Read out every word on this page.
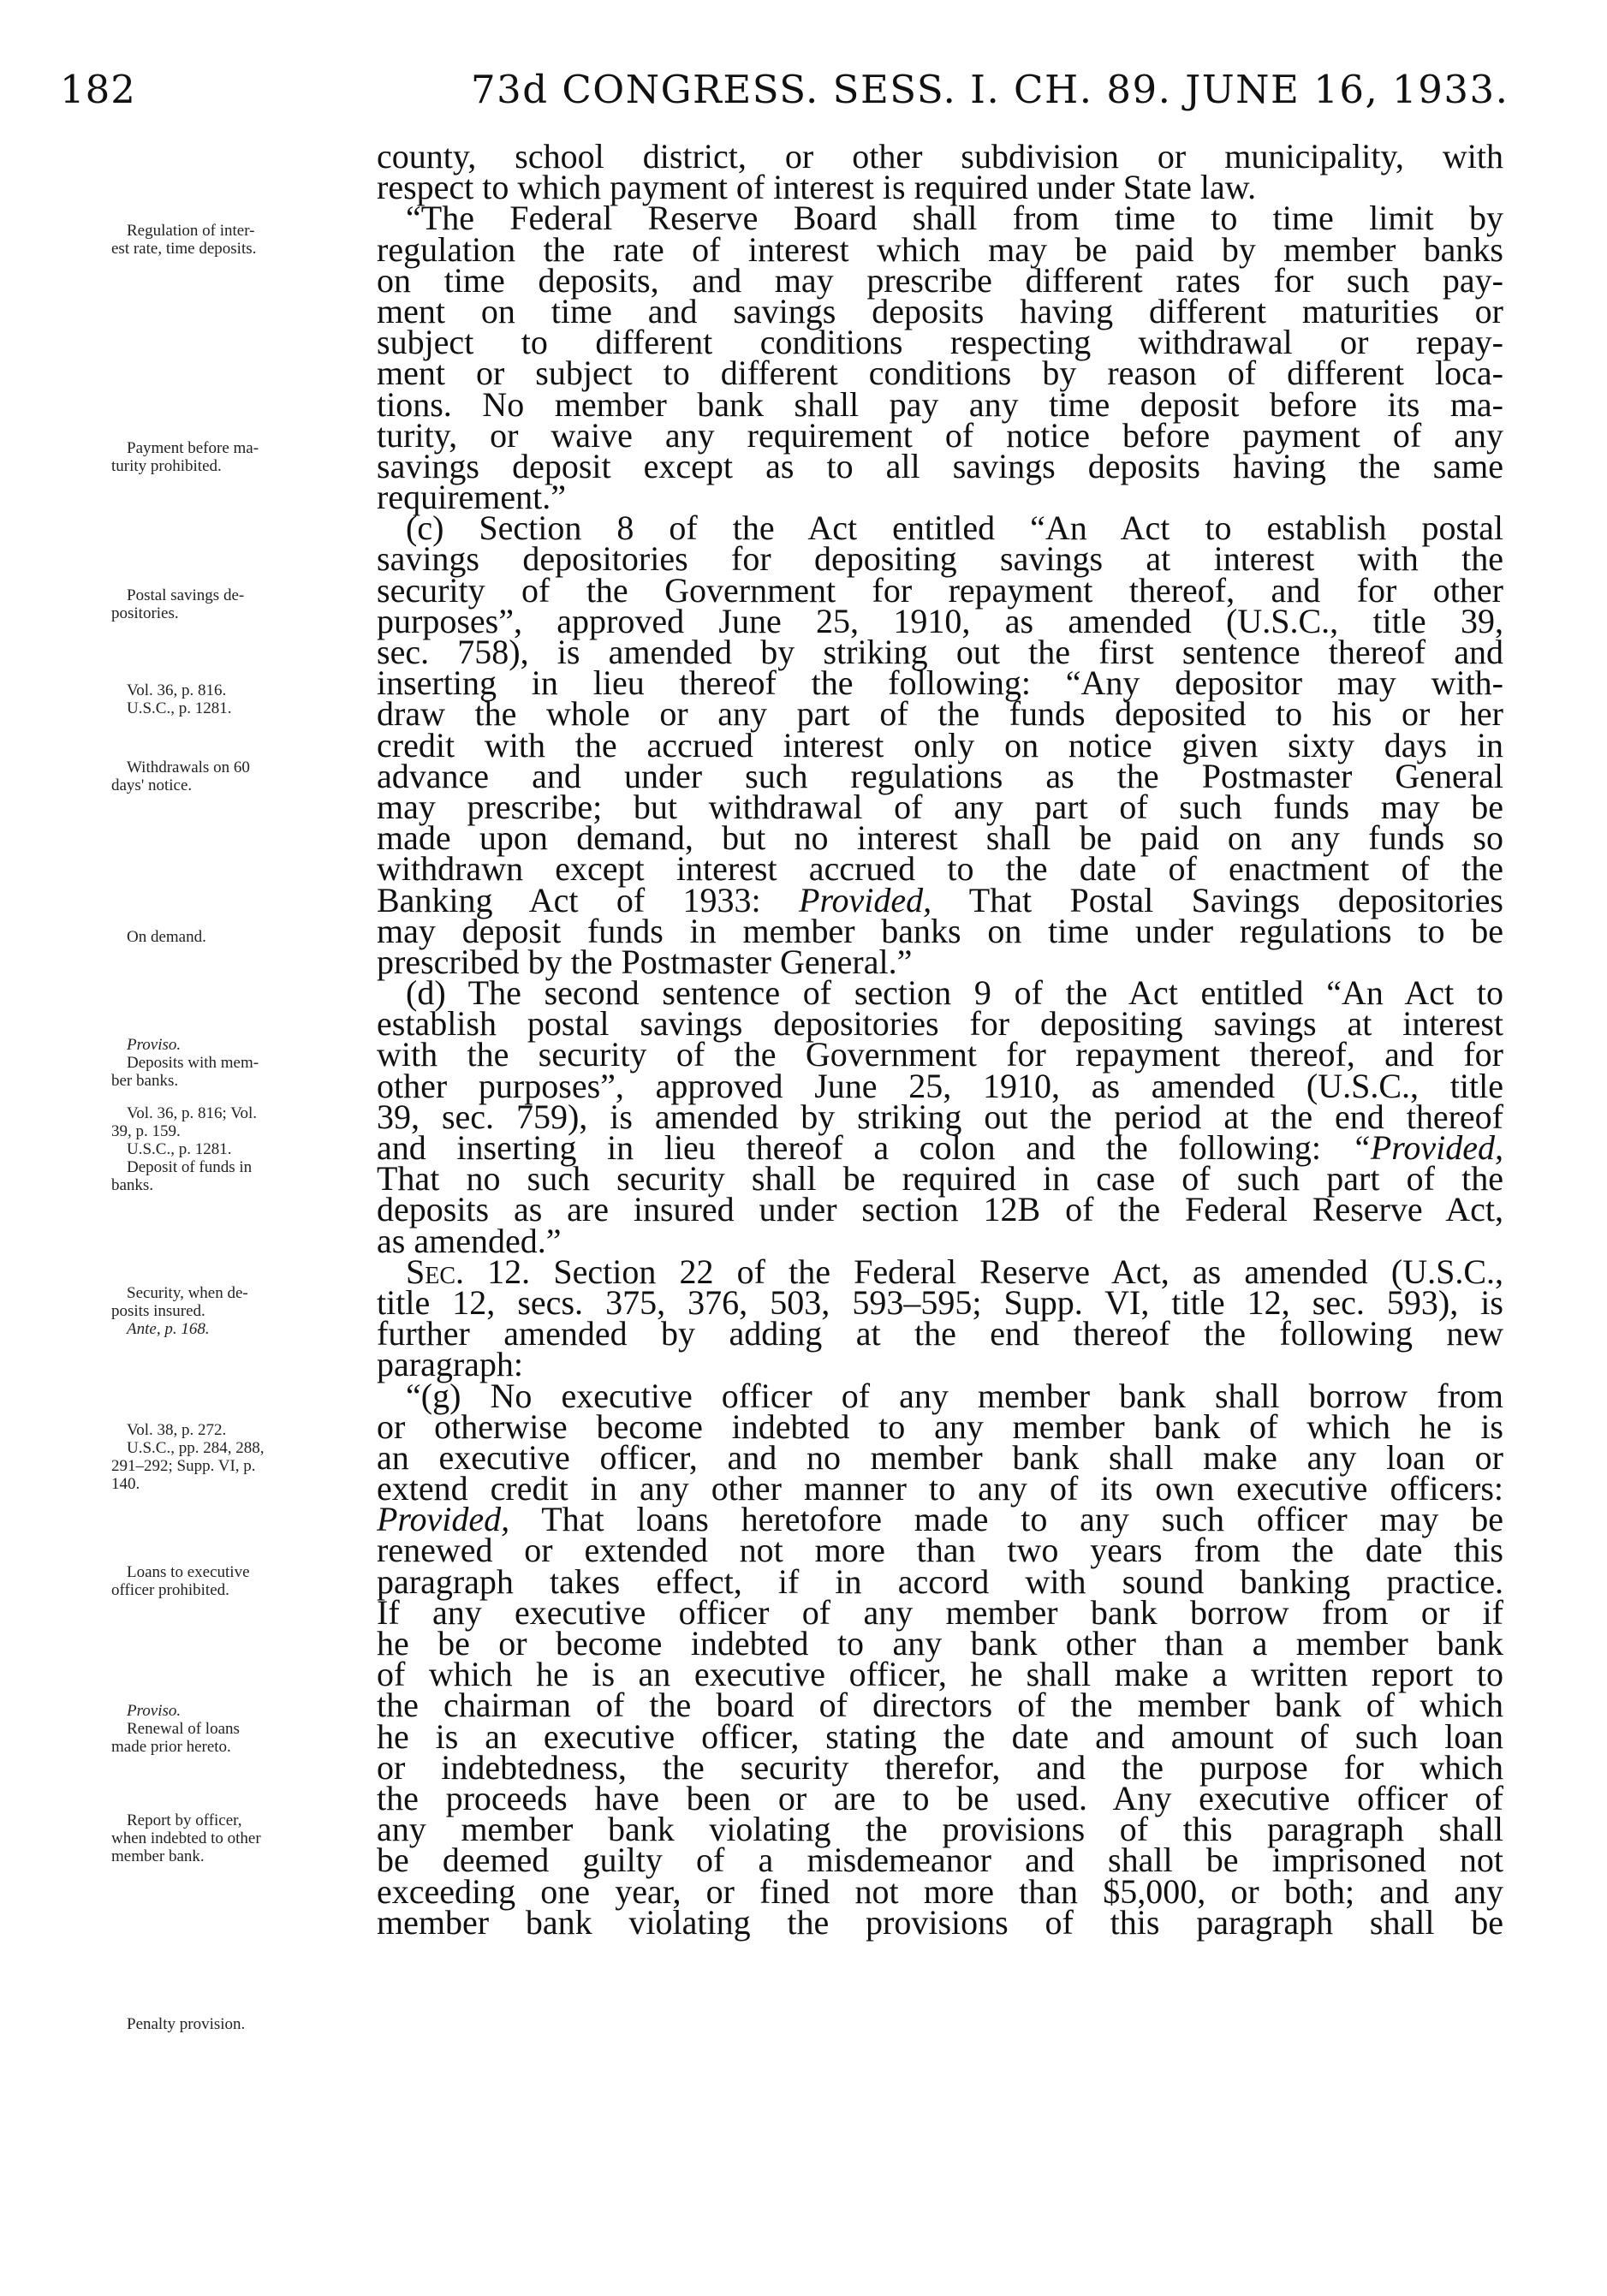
182	73d CONGRESS. SESS. I. CH. 89. JUNE 16, 1933.
Regulation of inter-
est rate, time deposits.
Payment before ma-
turity prohibited.
Postal savings de-
positories.
Vol. 36, p. 816.
U.S.C., p. 1281.
Withdrawals on 60
days' notice.
On demand.
Proviso.
Deposits with mem-
ber banks.
Vol. 36, p. 816; Vol.
39, p. 159.
U.S.C., p. 1281.
Deposit of funds in
banks.
Security, when de-
posits insured.
Ante, p. 168.
Vol. 38, p. 272.
U.S.C., pp. 284, 288,
291–292; Supp. VI, p.
140.
Loans to executive
officer prohibited.
Proviso.
Renewal of loans
made prior hereto.
Report by officer,
when indebted to other
member bank.
Penalty provision.
county, school district, or other subdivision or municipality, with
respect to which payment of interest is required under State law.
“The Federal Reserve Board shall from time to time limit by
regulation the rate of interest which may be paid by member banks
on time deposits, and may prescribe different rates for such pay-
ment on time and savings deposits having different maturities or
subject to different conditions respecting withdrawal or repay-
ment or subject to different conditions by reason of different loca-
tions. No member bank shall pay any time deposit before its ma-
turity, or waive any requirement of notice before payment of any
savings deposit except as to all savings deposits having the same
requirement.”
(c) Section 8 of the Act entitled “An Act to establish postal
savings depositories for depositing savings at interest with the
security of the Government for repayment thereof, and for other
purposes”, approved June 25, 1910, as amended (U.S.C., title 39,
sec. 758), is amended by striking out the first sentence thereof and
inserting in lieu thereof the following: “Any depositor may with-
draw the whole or any part of the funds deposited to his or her
credit with the accrued interest only on notice given sixty days in
advance and under such regulations as the Postmaster General
may prescribe; but withdrawal of any part of such funds may be
made upon demand, but no interest shall be paid on any funds so
withdrawn except interest accrued to the date of enactment of the
Banking Act of 1933: Provided, That Postal Savings depositories
may deposit funds in member banks on time under regulations to be
prescribed by the Postmaster General.”
(d) The second sentence of section 9 of the Act entitled “An Act to
establish postal savings depositories for depositing savings at interest
with the security of the Government for repayment thereof, and for
other purposes”, approved June 25, 1910, as amended (U.S.C., title
39, sec. 759), is amended by striking out the period at the end thereof
and inserting in lieu thereof a colon and the following: “Provided,
That no such security shall be required in case of such part of the
deposits as are insured under section 12B of the Federal Reserve Act,
as amended.”
Sec. 12. Section 22 of the Federal Reserve Act, as amended (U.S.C.,
title 12, secs. 375, 376, 503, 593–595; Supp. VI, title 12, sec. 593), is
further amended by adding at the end thereof the following new
paragraph:
“(g) No executive officer of any member bank shall borrow from
or otherwise become indebted to any member bank of which he is
an executive officer, and no member bank shall make any loan or
extend credit in any other manner to any of its own executive officers:
Provided, That loans heretofore made to any such officer may be
renewed or extended not more than two years from the date this
paragraph takes effect, if in accord with sound banking practice.
If any executive officer of any member bank borrow from or if
he be or become indebted to any bank other than a member bank
of which he is an executive officer, he shall make a written report to
the chairman of the board of directors of the member bank of which
he is an executive officer, stating the date and amount of such loan
or indebtedness, the security therefor, and the purpose for which
the proceeds have been or are to be used. Any executive officer of
any member bank violating the provisions of this paragraph shall
be deemed guilty of a misdemeanor and shall be imprisoned not
exceeding one year, or fined not more than $5,000, or both; and any
member bank violating the provisions of this paragraph shall be
